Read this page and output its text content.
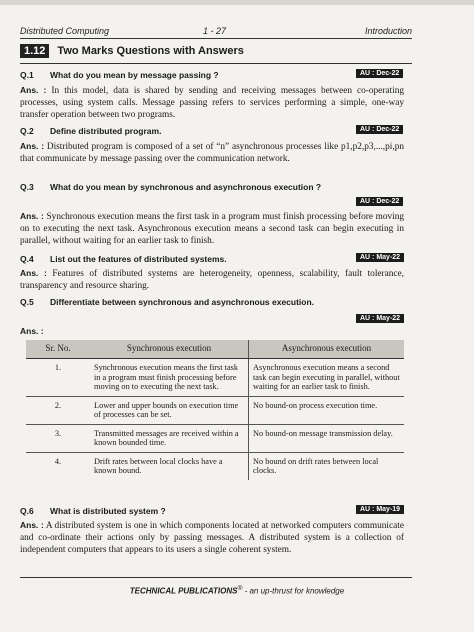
Distributed Computing	1 - 27	Introduction
1.12	Two Marks Questions with Answers
Q.1 What do you mean by message passing ?	AU : Dec-22
Ans. : In this model, data is shared by sending and receiving messages between co-operating processes, using system calls. Message passing refers to services performing a simple, one-way transfer operation between two programs.
Q.2 Define distributed program.	AU : Dec-22
Ans. : Distributed program is composed of a set of “n” asynchronous processes like p1,p2,p3,...,pi,pn that communicate by message passing over the communication network.
Q.3 What do you mean by synchronous and asynchronous execution ?
AU : Dec-22
Ans. : Synchronous execution means the first task in a program must finish processing before moving on to executing the next task. Asynchronous execution means a second task can begin executing in parallel, without waiting for an earlier task to finish.
Q.4 List out the features of distributed systems.	AU : May-22
Ans. : Features of distributed systems are heterogeneity, openness, scalability, fault tolerance, transparency and resource sharing.
Q.5 Differentiate between synchronous and asynchronous execution.
AU : May-22
Ans. :
Sr. No.	Synchronous execution	Asynchronous execution
1.	Synchronous execution means the first task in a program must finish processing before moving on to executing the next task.	Asynchronous execution means a second task can begin executing in parallel, without waiting for an earlier task to finish.
2.	Lower and upper bounds on execution time of processes can be set.	No bound-on process execution time.
3.	Transmitted messages are received within a known bounded time.	No bound-on message transmission delay.
4.	Drift rates between local clocks have a known bound.	No bound on drift rates between local clocks.
Q.6 What is distributed system ?	AU : May-19
Ans. : A distributed system is one in which components located at networked computers communicate and co-ordinate their actions only by passing messages. A distributed system is a collection of independent computers that appears to its users a single coherent system.
TECHNICAL PUBLICATIONS® - an up-thrust for knowledge
